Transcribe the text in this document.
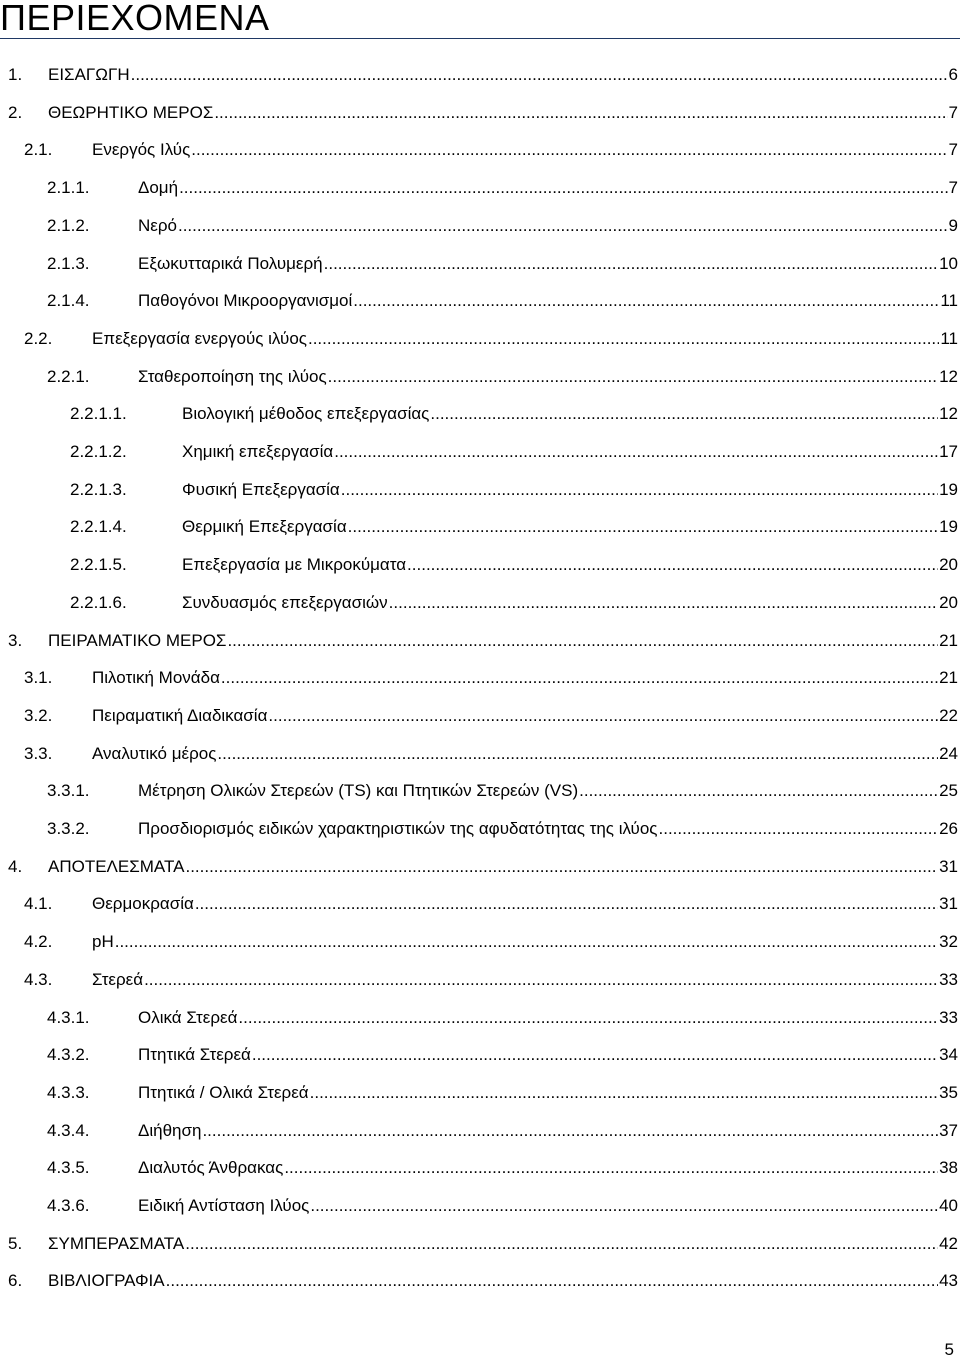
ΠΕΡΙΕΧΟΜΕΝΑ
1. ΕΙΣΑΓΩΓΗ .....	6
2. ΘΕΩΡΗΤΙΚΟ ΜΕΡΟΣ .....	7
2.1. Ενεργός Ιλύς .....	7
2.1.1.	Δομή .....	7
2.1.2.	Νερό .....	9
2.1.3.	Εξωκυτταρικά Πολυμερή .....	10
2.1.4.	Παθογόνοι Μικροοργανισμοί .....	11
2.2. Επεξεργασία ενεργούς ιλύος .....	11
2.2.1.	Σταθεροποίηση της ιλύος .....	12
2.2.1.1.	Βιολογική μέθοδος επεξεργασίας .....	12
2.2.1.2.	Χημική επεξεργασία .....	17
2.2.1.3.	Φυσική Επεξεργασία .....	19
2.2.1.4.	Θερμική Επεξεργασία .....	19
2.2.1.5.	Επεξεργασία με Μικροκύματα .....	20
2.2.1.6.	Συνδυασμός επεξεργασιών .....	20
3. ΠΕΙΡΑΜΑΤΙΚΟ ΜΕΡΟΣ .....	21
3.1. Πιλοτική Μονάδα .....	21
3.2. Πειραματική Διαδικασία .....	22
3.3. Αναλυτικό μέρος .....	24
3.3.1.	Μέτρηση Ολικών Στερεών (TS) και Πτητικών Στερεών (VS) .....	25
3.3.2.	Προσδιορισμός ειδικών χαρακτηριστικών της αφυδατότητας της ιλύος .....	26
4. ΑΠΟΤΕΛΕΣΜΑΤΑ .....	31
4.1. Θερμοκρασία .....	31
4.2. pH .....	32
4.3. Στερεά .....	33
4.3.1.	Ολικά Στερεά .....	33
4.3.2.	Πτητικά Στερεά .....	34
4.3.3.	Πτητικά / Ολικά Στερεά .....	35
4.3.4.	Διήθηση .....	37
4.3.5.	Διαλυτός Άνθρακας .....	38
4.3.6.	Ειδική Αντίσταση Ιλύος .....	40
5. ΣΥΜΠΕΡΑΣΜΑΤΑ .....	42
6. ΒΙΒΛΙΟΓΡΑΦΙΑ .....	43
5
